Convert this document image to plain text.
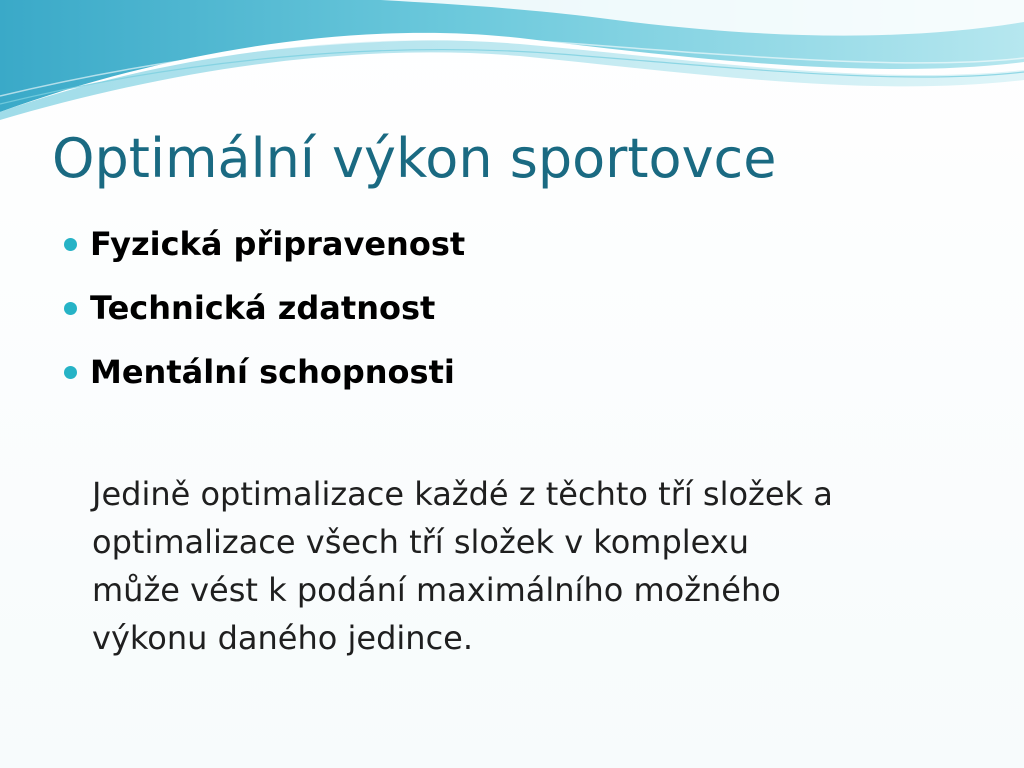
Optimální výkon sportovce
Fyzická připravenost
Technická zdatnost
Mentální schopnosti

Jedině optimalizace každé z těchto tří složek a
optimalizace všech tří složek v komplexu
může vést k podání maximálního možného
výkonu daného jedince.
